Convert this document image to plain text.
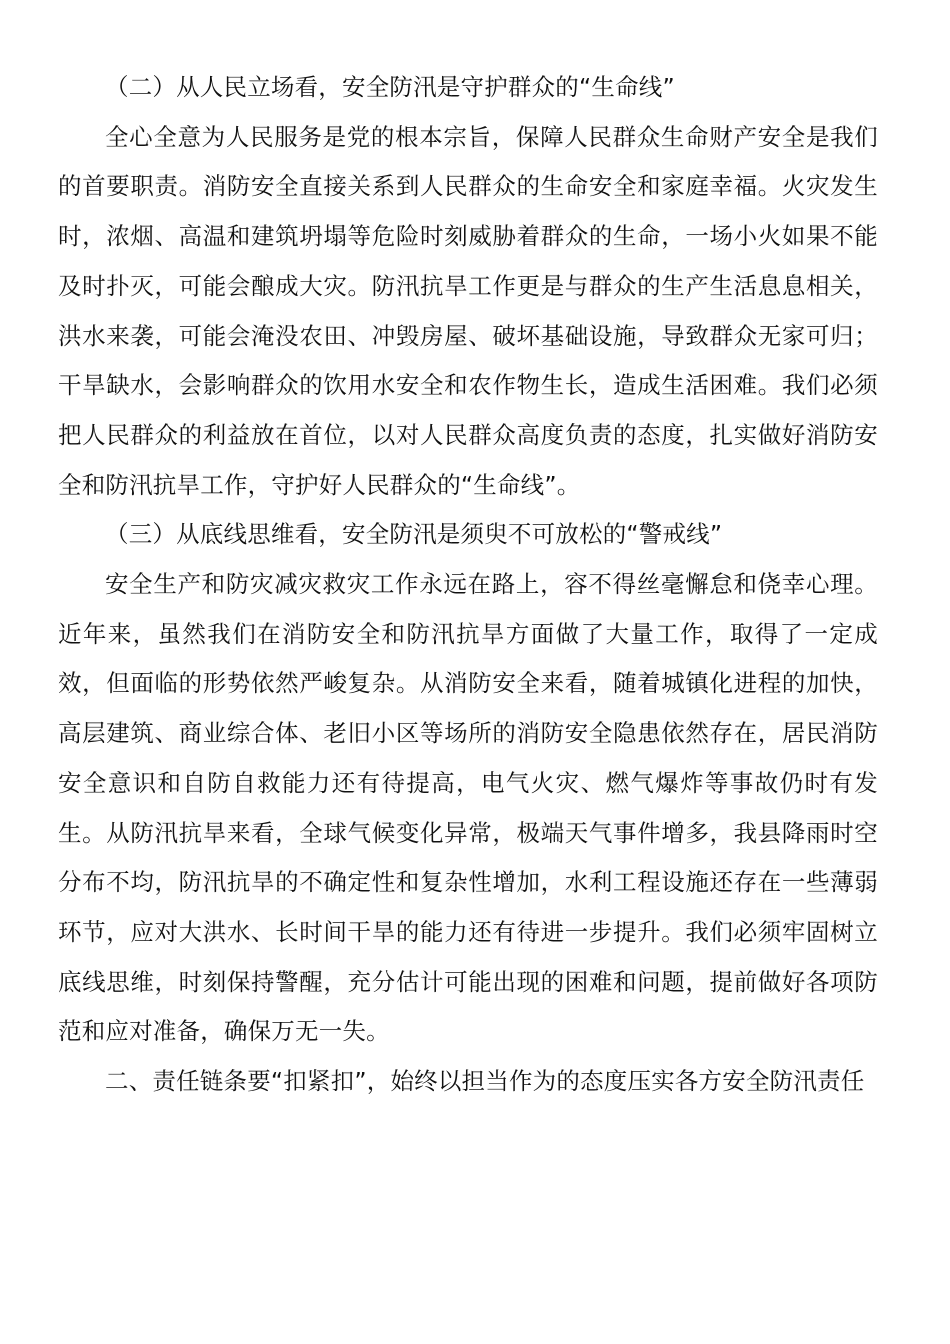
（二）从人民立场看，安全防汛是守护群众的“生命线”

全心全意为人民服务是党的根本宗旨，保障人民群众生命财产安全是我们的首要职责。消防安全直接关系到人民群众的生命安全和家庭幸福。火灾发生时，浓烟、高温和建筑坍塌等危险时刻威胁着群众的生命，一场小火如果不能及时扑灭，可能会酿成大灾。防汛抗旱工作更是与群众的生产生活息息相关，洪水来袭，可能会淹没农田、冲毁房屋、破坏基础设施，导致群众无家可归；干旱缺水，会影响群众的饮用水安全和农作物生长，造成生活困难。我们必须把人民群众的利益放在首位，以对人民群众高度负责的态度，扎实做好消防安全和防汛抗旱工作，守护好人民群众的“生命线”。

（三）从底线思维看，安全防汛是须臾不可放松的“警戒线”

安全生产和防灾减灾救灾工作永远在路上，容不得丝毫懈怠和侥幸心理。近年来，虽然我们在消防安全和防汛抗旱方面做了大量工作，取得了一定成效，但面临的形势依然严峻复杂。从消防安全来看，随着城镇化进程的加快，高层建筑、商业综合体、老旧小区等场所的消防安全隐患依然存在，居民消防安全意识和自防自救能力还有待提高，电气火灾、燃气爆炸等事故仍时有发生。从防汛抗旱来看，全球气候变化异常，极端天气事件增多，我县降雨时空分布不均，防汛抗旱的不确定性和复杂性增加，水利工程设施还存在一些薄弱环节，应对大洪水、长时间干旱的能力还有待进一步提升。我们必须牢固树立底线思维，时刻保持警醒，充分估计可能出现的困难和问题，提前做好各项防范和应对准备，确保万无一失。

二、责任链条要“扣紧扣”，始终以担当作为的态度压实各方安全防汛责任
